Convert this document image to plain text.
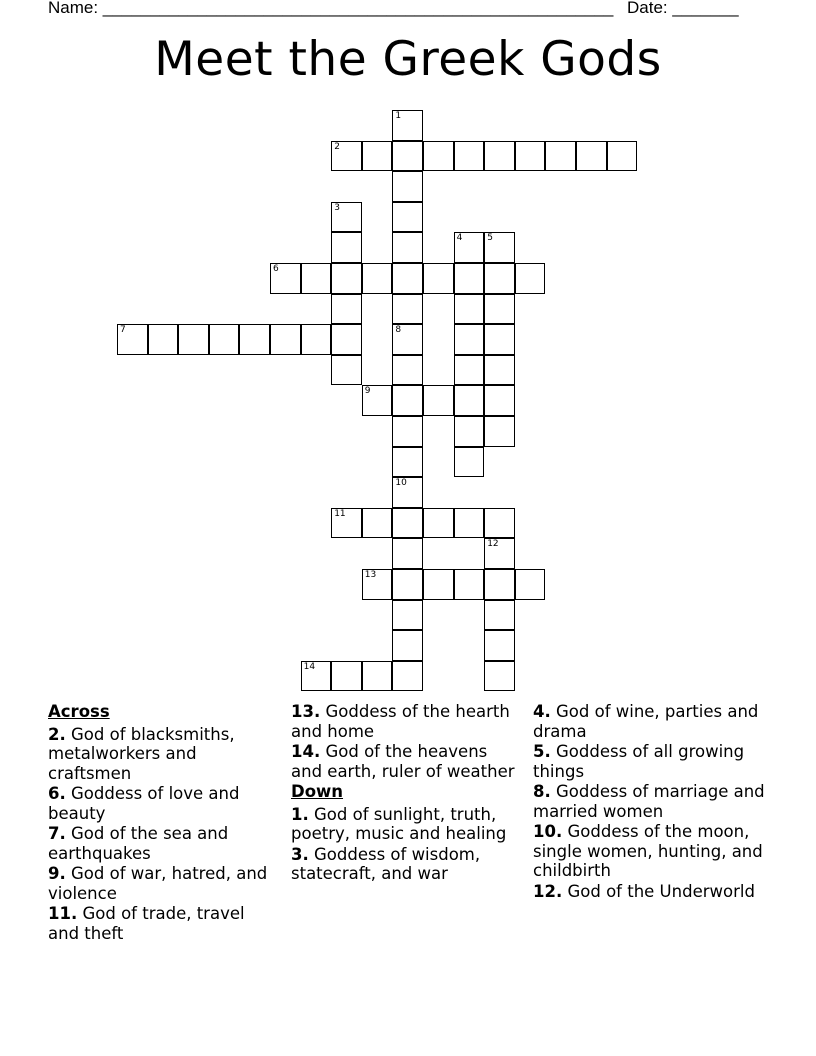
Name: ______________________________________________________ Date: _______
Meet the Greek Gods
1
8
2
3
4	5
6
7
9
10
11
12
13
14
Across
2. God of blacksmiths, metalworkers and craftsmen
6. Goddess of love and beauty
7. God of the sea and earthquakes
9. God of war, hatred, and violence
11. God of trade, travel and theft
13. Goddess of the hearth and home
14. God of the heavens and earth, ruler of weather
Down
1. God of sunlight, truth, poetry, music and healing
3. Goddess of wisdom, statecraft, and war
4. God of wine, parties and drama
5. Goddess of all growing things
8. Goddess of marriage and married women
10. Goddess of the moon, single women, hunting, and childbirth
12. God of the Underworld
